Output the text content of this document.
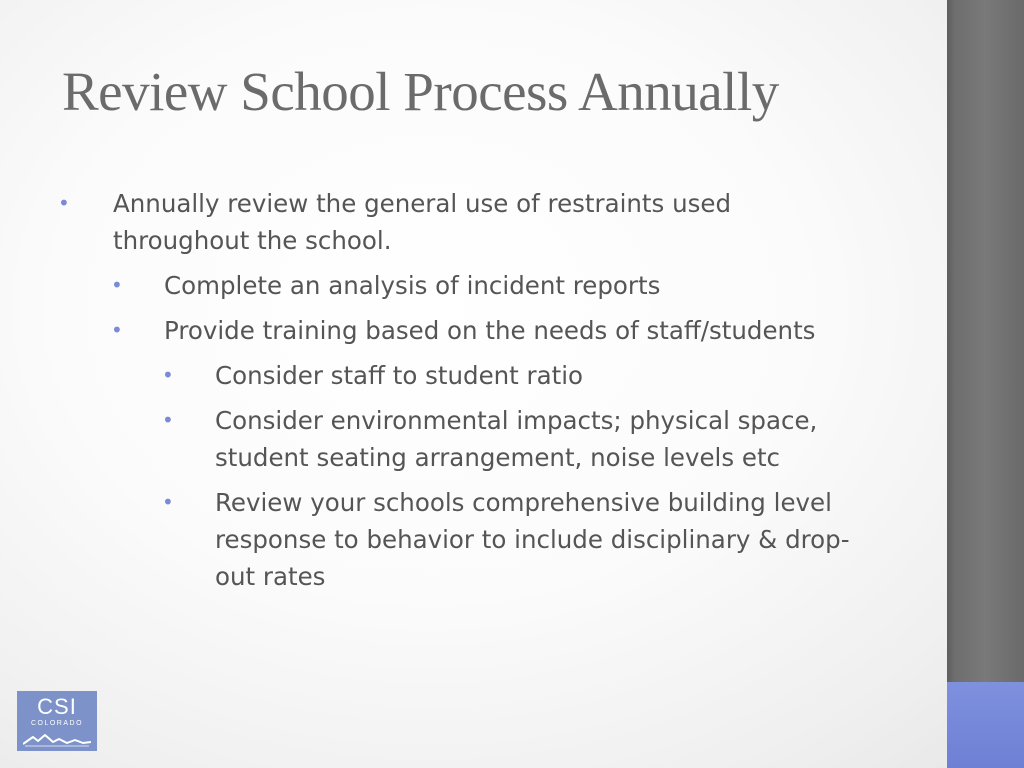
Review School Process Annually
• Annually review the general use of restraints used throughout the school.
• Complete an analysis of incident reports
• Provide training based on the needs of staff/students
• Consider staff to student ratio
• Consider environmental impacts; physical space, student seating arrangement, noise levels etc
• Review your schools comprehensive building level response to behavior to include disciplinary & drop-out rates
CSI
COLORADO
